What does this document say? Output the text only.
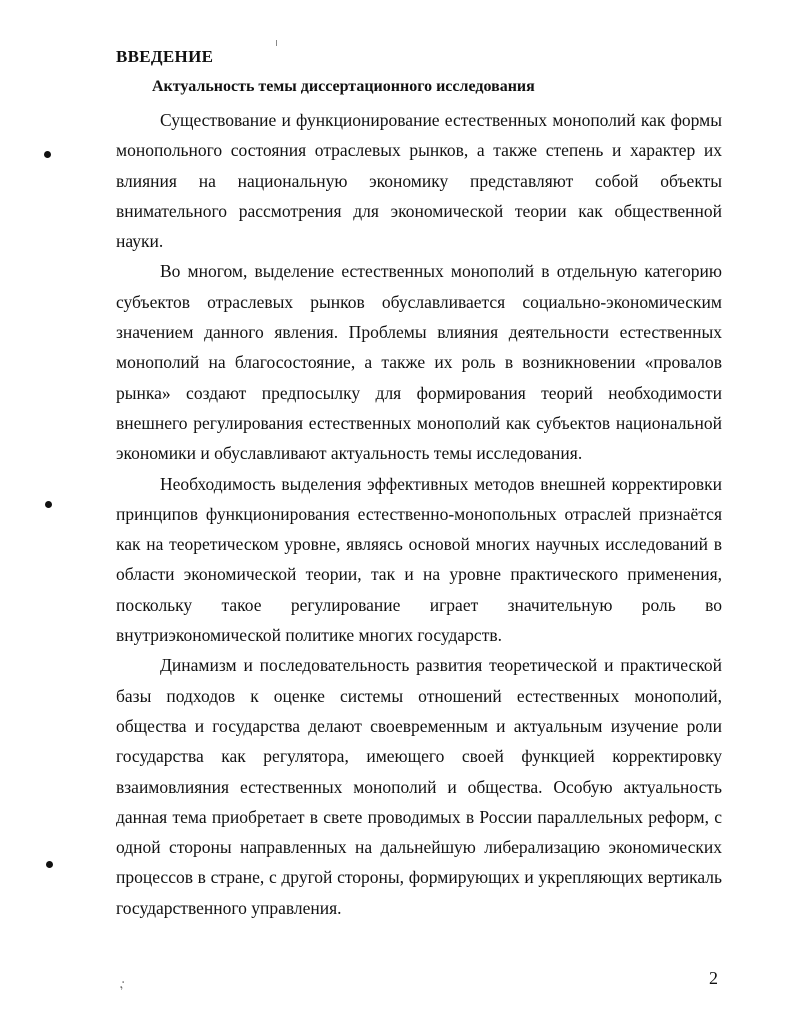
ВВЕДЕНИЕ
Актуальность темы диссертационного исследования

Существование и функционирование естественных монополий как формы монопольного состояния отраслевых рынков, а также степень и характер их влияния на национальную экономику представляют собой объекты внимательного рассмотрения для экономической теории как общественной науки.

Во многом, выделение естественных монополий в отдельную категорию субъектов отраслевых рынков обуславливается социально-экономическим значением данного явления. Проблемы влияния деятельности естественных монополий на благосостояние, а также их роль в возникновении «провалов рынка» создают предпосылку для формирования теорий необходимости внешнего регулирования естественных монополий как субъектов национальной экономики и обуславливают актуальность темы исследования.

Необходимость выделения эффективных методов внешней корректировки принципов функционирования естественно-монопольных отраслей признаётся как на теоретическом уровне, являясь основой многих научных исследований в области экономической теории, так и на уровне практического применения, поскольку такое регулирование играет значительную роль во внутриэкономической политике многих государств.

Динамизм и последовательность развития теоретической и практической базы подходов к оценке системы отношений естественных монополий, общества и государства делают своевременным и актуальным изучение роли государства как регулятора, имеющего своей функцией корректировку взаимовлияния естественных монополий и общества. Особую актуальность данная тема приобретает в свете проводимых в России параллельных реформ, с одной стороны направленных на дальнейшую либерализацию экономических процессов в стране, с другой стороны, формирующих и укрепляющих вертикаль государственного управления.

,·	2
